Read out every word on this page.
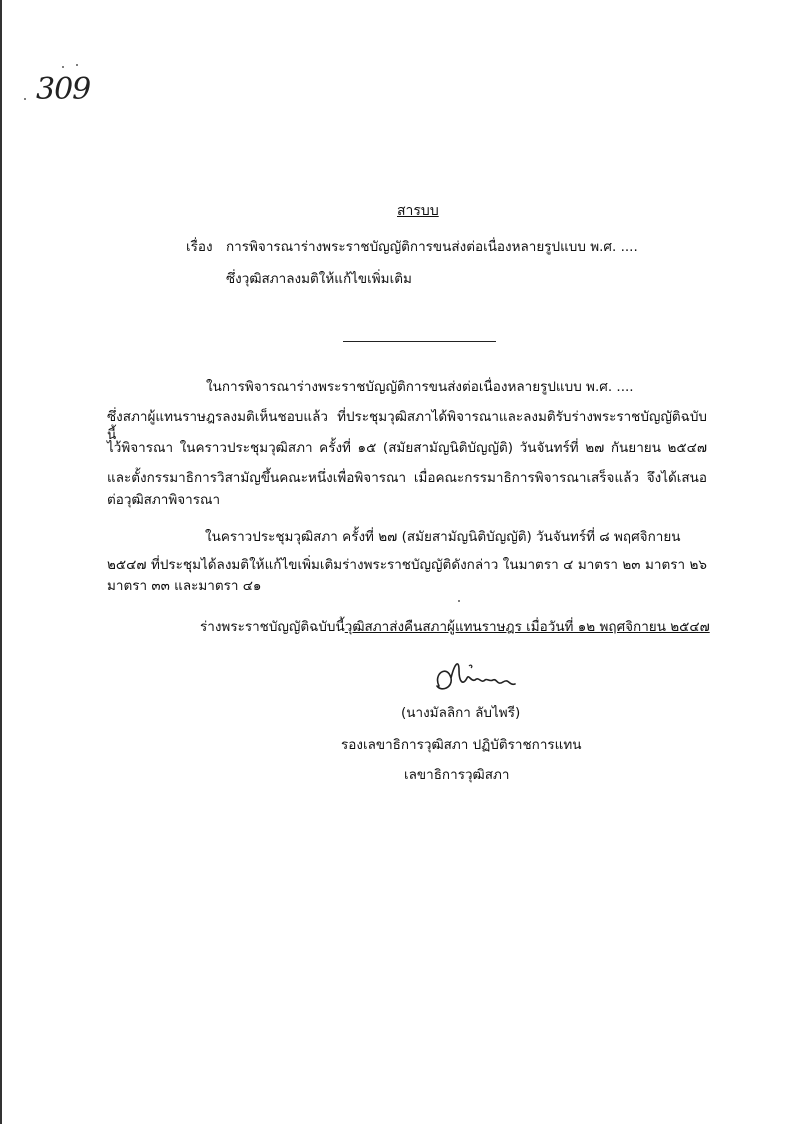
309
สารบบ
เรื่อง การพิจารณาร่างพระราชบัญญัติการขนส่งต่อเนื่องหลายรูปแบบ พ.ศ. ....
ซึ่งวุฒิสภาลงมติให้แก้ไขเพิ่มเติม
ในการพิจารณาร่างพระราชบัญญัติการขนส่งต่อเนื่องหลายรูปแบบ พ.ศ. ....
ซึ่งสภาผู้แทนราษฎรลงมติเห็นชอบแล้ว ที่ประชุมวุฒิสภาได้พิจารณาและลงมติรับร่างพระราชบัญญัติฉบับนี้
ไว้พิจารณา ในคราวประชุมวุฒิสภา ครั้งที่ ๑๕ (สมัยสามัญนิติบัญญัติ) วันจันทร์ที่ ๒๗ กันยายน ๒๕๔๗
และตั้งกรรมาธิการวิสามัญขึ้นคณะหนึ่งเพื่อพิจารณา เมื่อคณะกรรมาธิการพิจารณาเสร็จแล้ว จึงได้เสนอ
ต่อวุฒิสภาพิจารณา
ในคราวประชุมวุฒิสภา ครั้งที่ ๒๗ (สมัยสามัญนิติบัญญัติ) วันจันทร์ที่ ๘ พฤศจิกายน
๒๕๔๗ ที่ประชุมได้ลงมติให้แก้ไขเพิ่มเติมร่างพระราชบัญญัติดังกล่าว ในมาตรา ๔ มาตรา ๒๓ มาตรา ๒๖
มาตรา ๓๓ และมาตรา ๔๑
ร่างพระราชบัญญัติฉบับนี้วุฒิสภาส่งคืนสภาผู้แทนราษฎร เมื่อวันที่ ๑๒ พฤศจิกายน ๒๕๔๗
(นางมัลลิกา ลับไพรี)
รองเลขาธิการวุฒิสภา ปฏิบัติราชการแทน
เลขาธิการวุฒิสภา
